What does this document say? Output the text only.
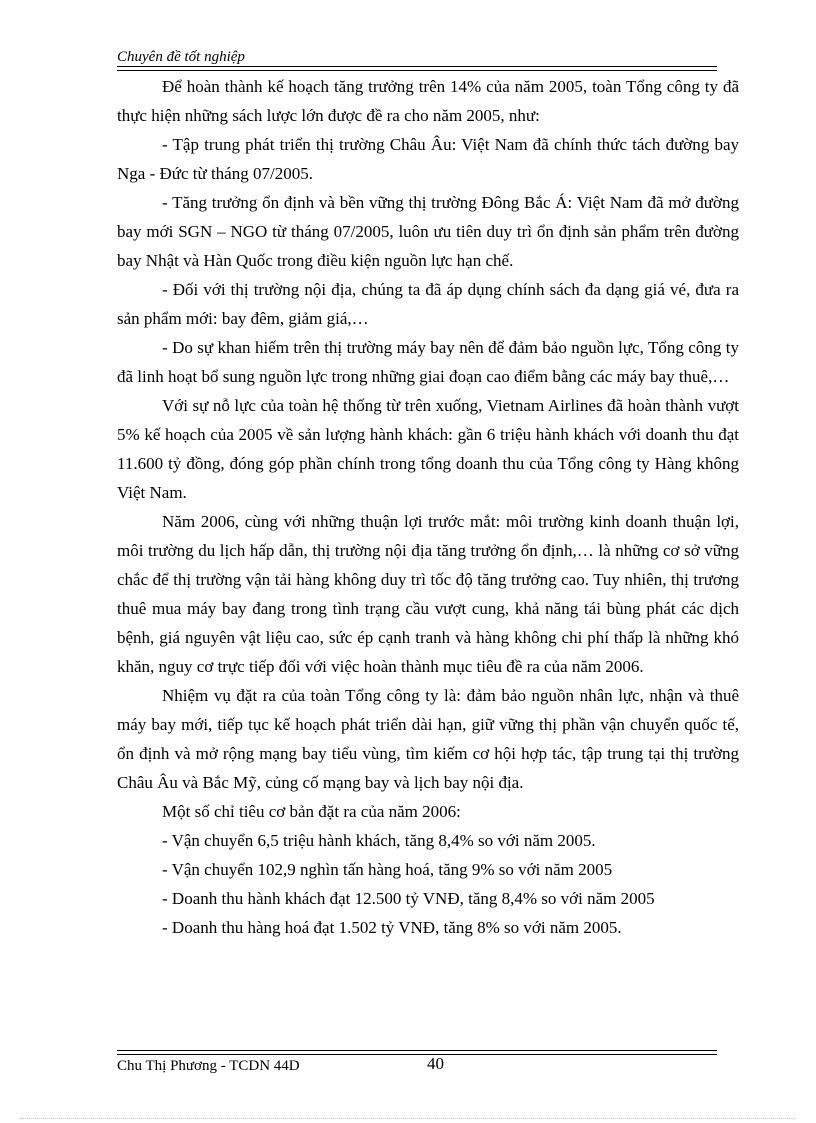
Chuyên đề tốt nghiệp

Để hoàn thành kế hoạch tăng trưởng trên 14% của năm 2005, toàn Tổng công ty đã thực hiện những sách lược lớn được đề ra cho năm 2005, như:

- Tập trung phát triển thị trường Châu Âu: Việt Nam đã chính thức tách đường bay Nga - Đức từ tháng 07/2005.

- Tăng trưởng ổn định và bền vững thị trường Đông Bắc Á: Việt Nam đã mở đường bay mới SGN – NGO từ tháng 07/2005, luôn ưu tiên duy trì ổn định sản phẩm trên đường bay Nhật và Hàn Quốc trong điều kiện nguồn lực hạn chế.

- Đối với thị trường nội địa, chúng ta đã áp dụng chính sách đa dạng giá vé, đưa ra sản phẩm mới: bay đêm, giảm giá,…

- Do sự khan hiếm trên thị trường máy bay nên để đảm bảo nguồn lực, Tổng công ty đã linh hoạt bổ sung nguồn lực trong những giai đoạn cao điểm bằng các máy bay thuê,…

Với sự nỗ lực của toàn hệ thống từ trên xuống, Vietnam Airlines đã hoàn thành vượt 5% kế hoạch của 2005 về sản lượng hành khách: gần 6 triệu hành khách với doanh thu đạt 11.600 tỷ đồng, đóng góp phần chính trong tổng doanh thu của Tổng công ty Hàng không Việt Nam.

Năm 2006, cùng với những thuận lợi trước mắt: môi trường kinh doanh thuận lợi, môi trường du lịch hấp dẫn, thị trường nội địa tăng trưởng ổn định,… là những cơ sở vững chắc để thị trường vận tải hàng không duy trì tốc độ tăng trưởng cao. Tuy nhiên, thị trương thuê mua máy bay đang trong tình trạng cầu vượt cung, khả năng tái bùng phát các dịch bệnh, giá nguyên vật liệu cao, sức ép cạnh tranh và hàng không chi phí thấp là những khó khăn, nguy cơ trực tiếp đối với việc hoàn thành mục tiêu đề ra của năm 2006.

Nhiệm vụ đặt ra của toàn Tổng công ty là: đảm bảo nguồn nhân lực, nhận và thuê máy bay mới, tiếp tục kế hoạch phát triển dài hạn, giữ vững thị phần vận chuyển quốc tế, ổn định và mở rộng mạng bay tiểu vùng, tìm kiếm cơ hội hợp tác, tập trung tại thị trường Châu Âu và Bắc Mỹ, củng cố mạng bay và lịch bay nội địa.

Một số chỉ tiêu cơ bản đặt ra của năm 2006:

- Vận chuyển 6,5 triệu hành khách, tăng 8,4% so với năm 2005.

- Vận chuyển 102,9 nghìn tấn hàng hoá, tăng 9% so với năm 2005

- Doanh thu hành khách đạt 12.500 tỷ VNĐ, tăng 8,4% so với năm 2005

- Doanh thu hàng hoá đạt 1.502 tỷ VNĐ, tăng 8% so với năm 2005.

Chu Thị Phương - TCDN 44D	40
